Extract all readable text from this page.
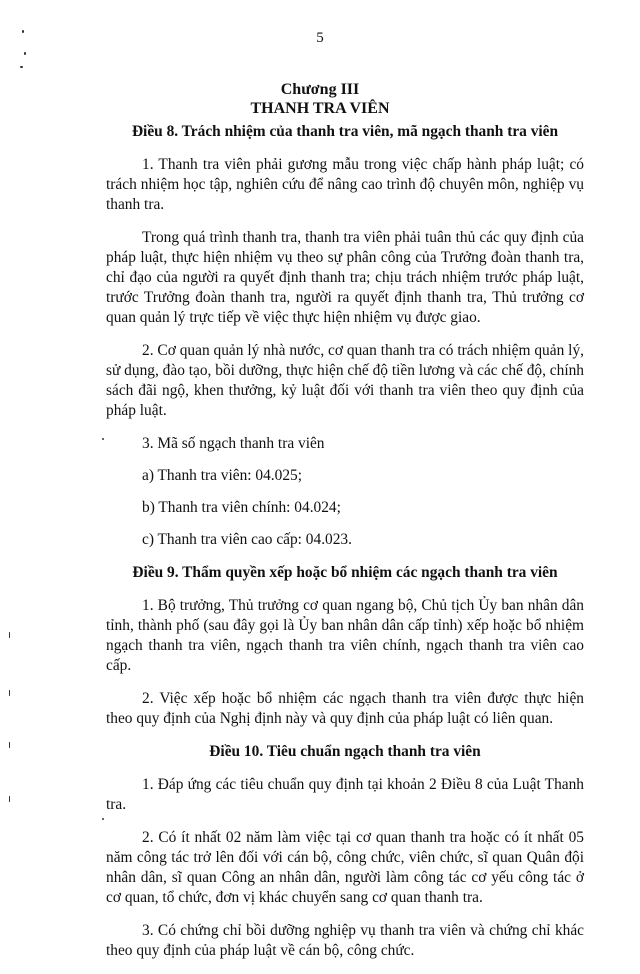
5
Chương III
THANH TRA VIÊN
Điều 8. Trách nhiệm của thanh tra viên, mã ngạch thanh tra viên

1. Thanh tra viên phải gương mẫu trong việc chấp hành pháp luật; có trách nhiệm học tập, nghiên cứu để nâng cao trình độ chuyên môn, nghiệp vụ thanh tra.

Trong quá trình thanh tra, thanh tra viên phải tuân thủ các quy định của pháp luật, thực hiện nhiệm vụ theo sự phân công của Trưởng đoàn thanh tra, chỉ đạo của người ra quyết định thanh tra; chịu trách nhiệm trước pháp luật, trước Trưởng đoàn thanh tra, người ra quyết định thanh tra, Thủ trưởng cơ quan quản lý trực tiếp về việc thực hiện nhiệm vụ được giao.

2. Cơ quan quản lý nhà nước, cơ quan thanh tra có trách nhiệm quản lý, sử dụng, đào tạo, bồi dưỡng, thực hiện chế độ tiền lương và các chế độ, chính sách đãi ngộ, khen thưởng, kỷ luật đối với thanh tra viên theo quy định của pháp luật.

3. Mã số ngạch thanh tra viên

a) Thanh tra viên: 04.025;

b) Thanh tra viên chính: 04.024;

c) Thanh tra viên cao cấp: 04.023.

Điều 9. Thẩm quyền xếp hoặc bổ nhiệm các ngạch thanh tra viên

1. Bộ trưởng, Thủ trưởng cơ quan ngang bộ, Chủ tịch Ủy ban nhân dân tỉnh, thành phố (sau đây gọi là Ủy ban nhân dân cấp tỉnh) xếp hoặc bổ nhiệm ngạch thanh tra viên, ngạch thanh tra viên chính, ngạch thanh tra viên cao cấp.

2. Việc xếp hoặc bổ nhiệm các ngạch thanh tra viên được thực hiện theo quy định của Nghị định này và quy định của pháp luật có liên quan.

Điều 10. Tiêu chuẩn ngạch thanh tra viên

1. Đáp ứng các tiêu chuẩn quy định tại khoản 2 Điều 8 của Luật Thanh tra.

2. Có ít nhất 02 năm làm việc tại cơ quan thanh tra hoặc có ít nhất 05 năm công tác trở lên đối với cán bộ, công chức, viên chức, sĩ quan Quân đội nhân dân, sĩ quan Công an nhân dân, người làm công tác cơ yếu công tác ở cơ quan, tổ chức, đơn vị khác chuyển sang cơ quan thanh tra.

3. Có chứng chỉ bồi dưỡng nghiệp vụ thanh tra viên và chứng chỉ khác theo quy định của pháp luật về cán bộ, công chức.
